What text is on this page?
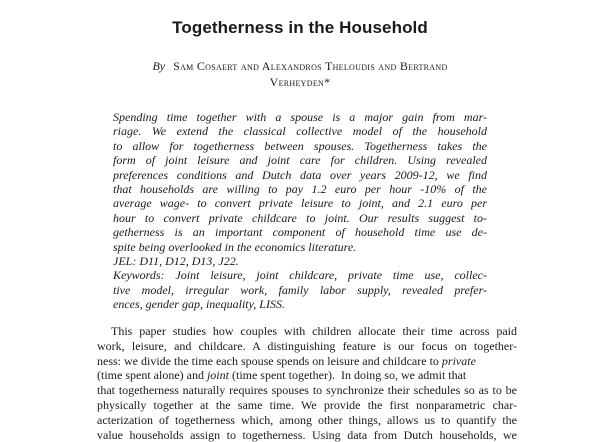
Togetherness in the Household
By Sam Cosaert and Alexandros Theloudis and Bertrand
Verheyden*
Spending time together with a spouse is a major gain from mar-
riage. We extend the classical collective model of the household
to allow for togetherness between spouses. Togetherness takes the
form of joint leisure and joint care for children. Using revealed
preferences conditions and Dutch data over years 2009-12, we find
that households are willing to pay 1.2 euro per hour -10% of the
average wage- to convert private leisure to joint, and 2.1 euro per
hour to convert private childcare to joint. Our results suggest to-
getherness is an important component of household time use de-
spite being overlooked in the economics literature.
JEL: D11, D12, D13, J22.
Keywords: Joint leisure, joint childcare, private time use, collec-
tive model, irregular work, family labor supply, revealed prefer-
ences, gender gap, inequality, LISS.
This paper studies how couples with children allocate their time across paid
work, leisure, and childcare. A distinguishing feature is our focus on together-
ness: we divide the time each spouse spends on leisure and childcare to private
(time spent alone) and joint (time spent together).  In doing so, we admit that
that togetherness naturally requires spouses to synchronize their schedules so as to be
physically together at the same time. We provide the first nonparametric char-
acterization of togetherness which, among other things, allows us to quantify the
value households assign to togetherness. Using data from Dutch households, we
